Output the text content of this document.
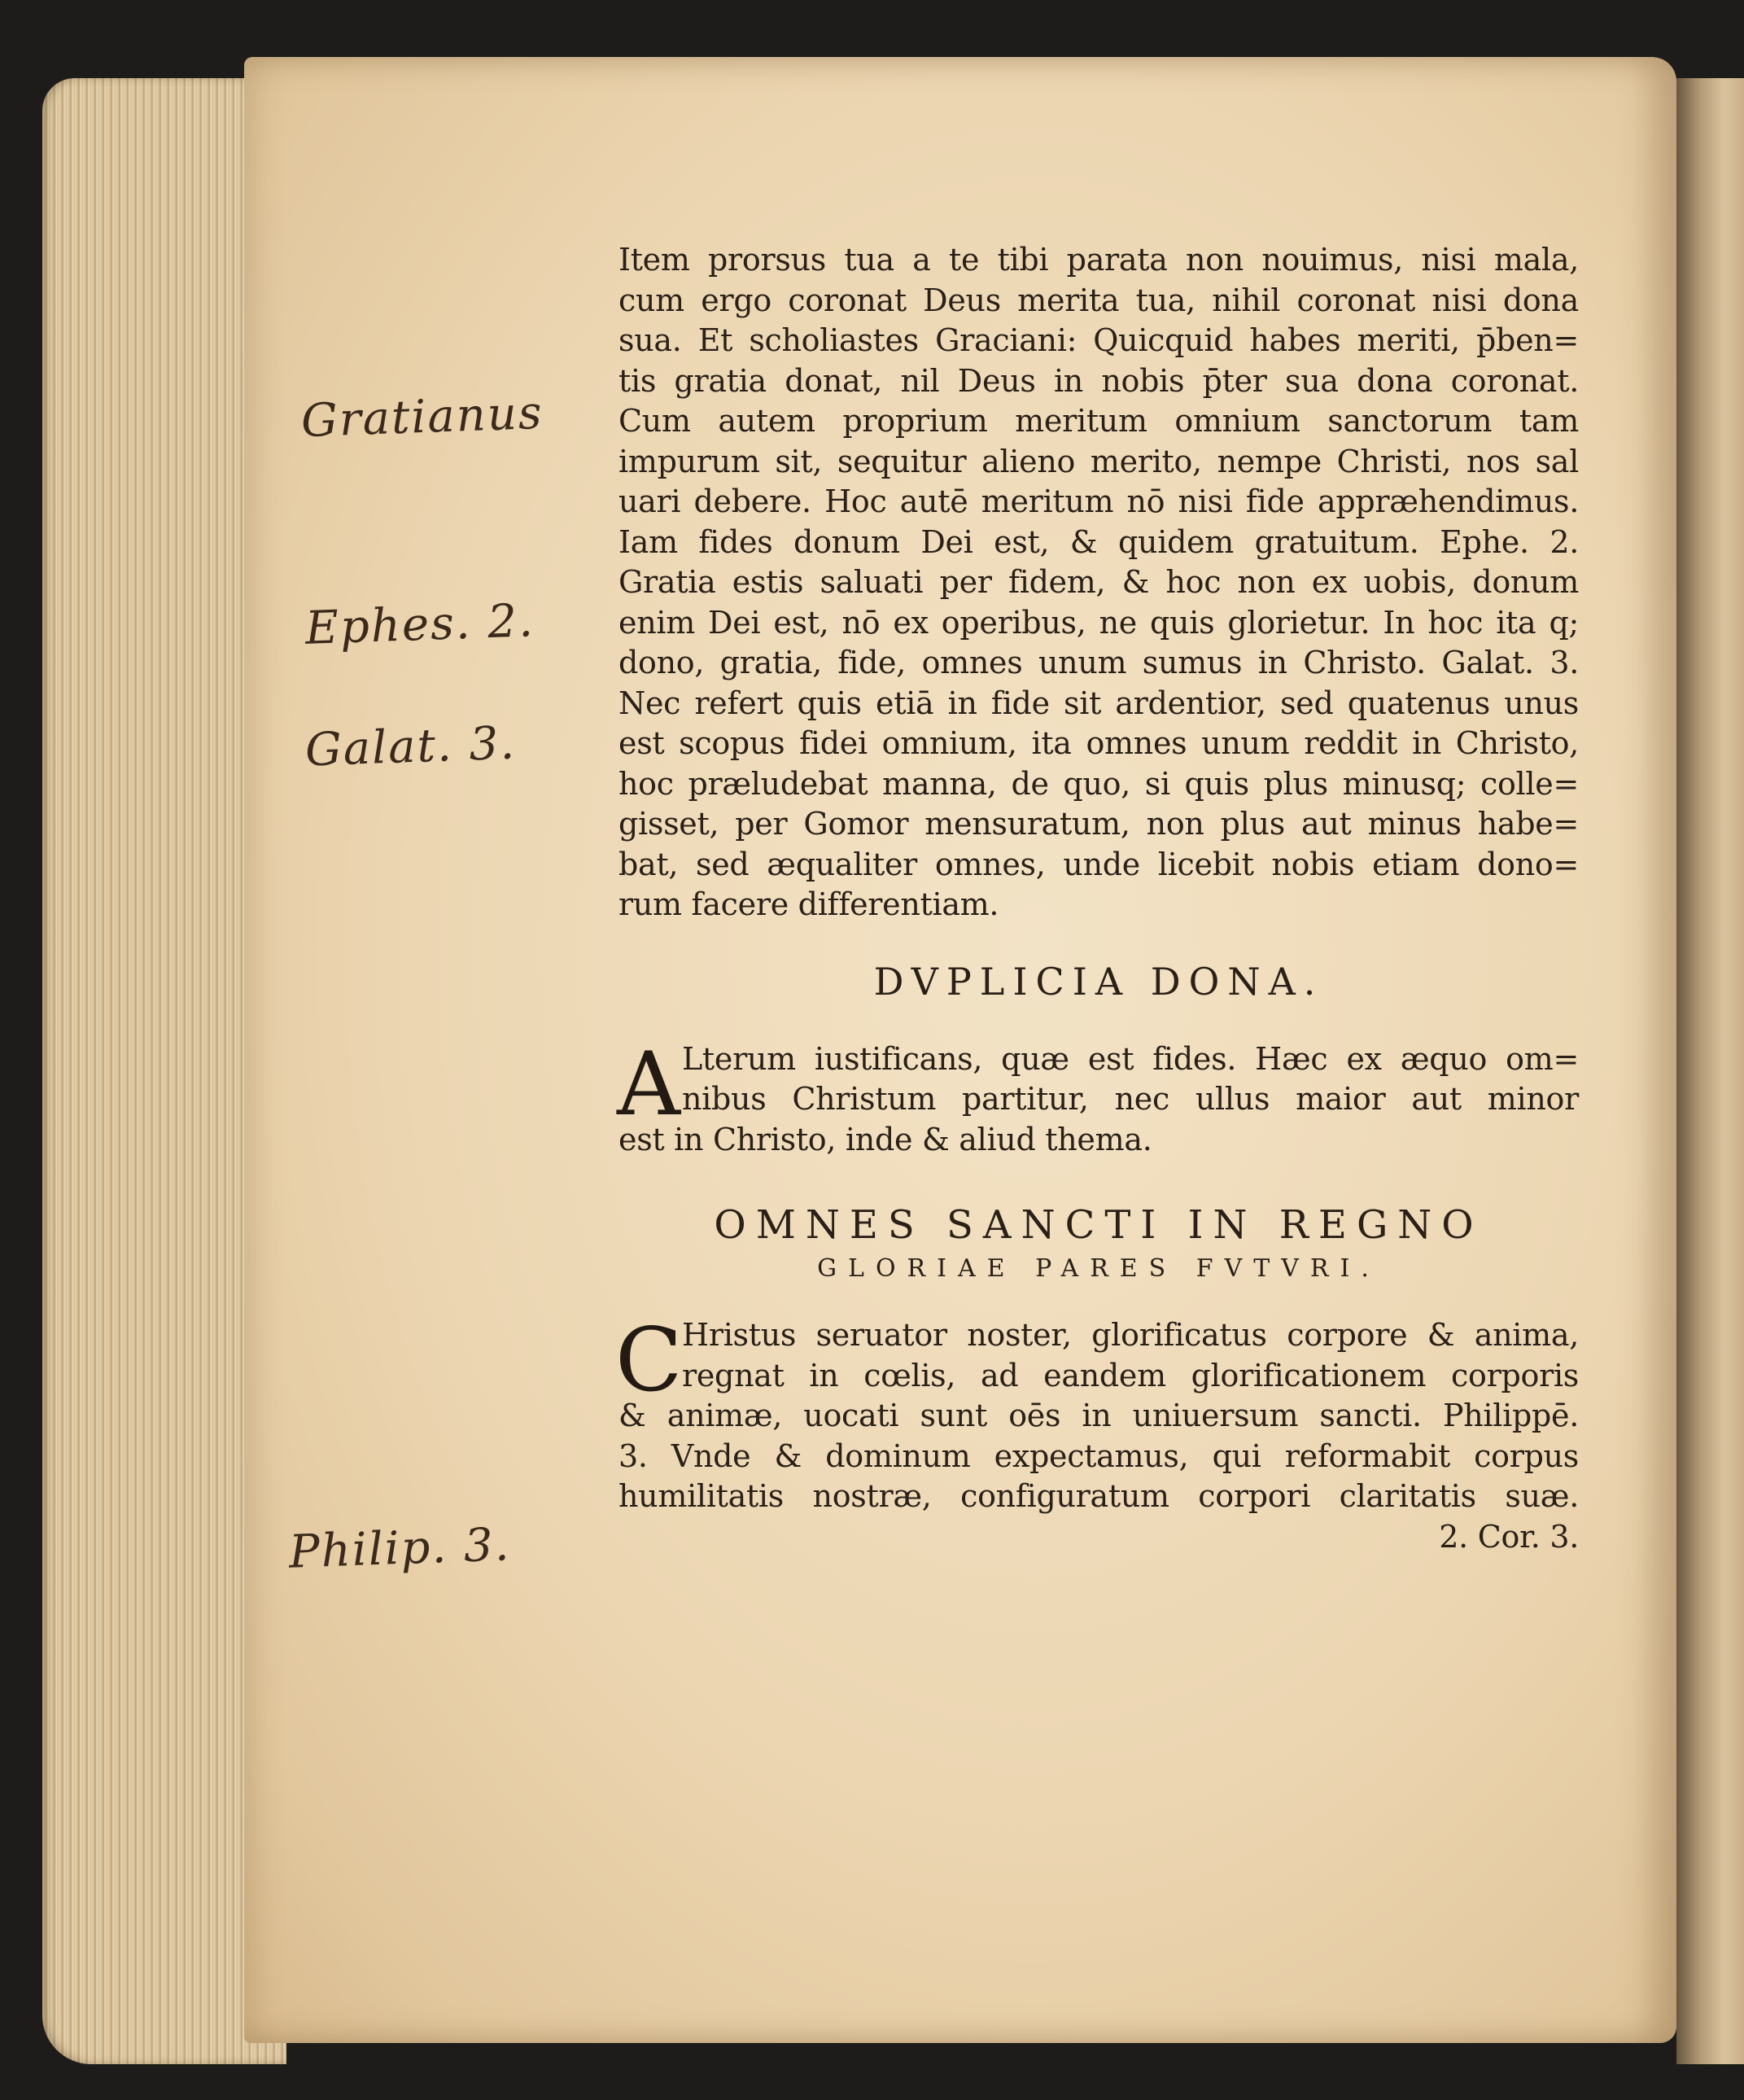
Gratianus
Ephes. 2.
Galat. 3.
Philip. 3.
Item prorsus tua a te tibi parata non nouimus, nisi mala,
cum ergo coronat Deus merita tua, nihil coronat nisi dona
sua. Et scholiastes Graciani: Quicquid habes meriti, p̄ben=
tis gratia donat, nil Deus in nobis p̄ter sua dona coronat.
Cum autem proprium meritum omnium sanctorum tam
impurum sit, sequitur alieno merito, nempe Christi, nos sal
uari debere. Hoc autē meritum nō nisi fide appræhendimus.
Iam fides donum Dei est, & quidem gratuitum. Ephe. 2.
Gratia estis saluati per fidem, & hoc non ex uobis, donum
enim Dei est, nō ex operibus, ne quis glorietur. In hoc ita q;
dono, gratia, fide, omnes unum sumus in Christo. Galat. 3.
Nec refert quis etiā in fide sit ardentior, sed quatenus unus
est scopus fidei omnium, ita omnes unum reddit in Christo,
hoc præludebat manna, de quo, si quis plus minusq; colle=
gisset, per Gomor mensuratum, non plus aut minus habe=
bat, sed æqualiter omnes, unde licebit nobis etiam dono=
rum facere differentiam.
DVPLICIA DONA.
A Lterum iustificans, quæ est fides. Hæc ex æquo om=
nibus Christum partitur, nec ullus maior aut minor
est in Christo, inde & aliud thema.
OMNES SANCTI IN REGNO
GLORIAE PARES FVTVRI.
C Hristus seruator noster, glorificatus corpore & anima,
regnat in cœlis, ad eandem glorificationem corporis
& animæ, uocati sunt oēs in uniuersum sancti. Philippē.
3. Vnde & dominum expectamus, qui reformabit corpus
humilitatis nostræ, configuratum corpori claritatis suæ.
2. Cor. 3.
